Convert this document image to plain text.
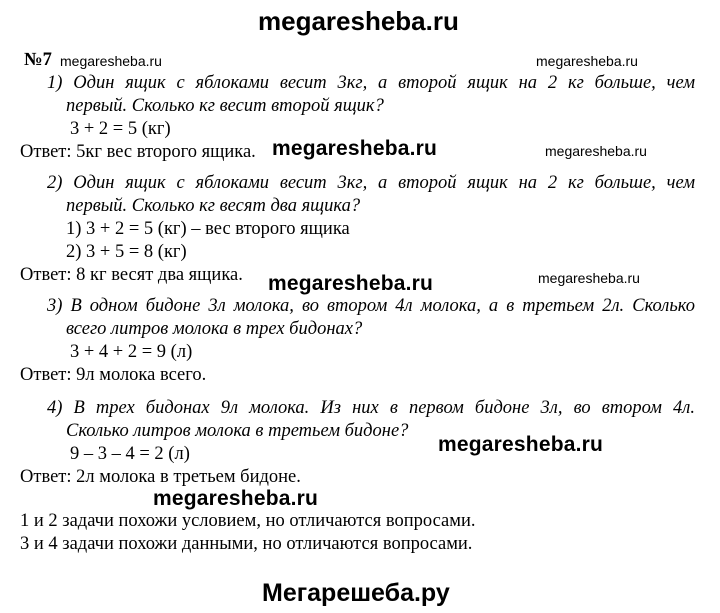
megaresheba.ru
№7 megaresheba.ru	megaresheba.ru
1) Один ящик с яблоками весит 3кг, а второй ящик на 2 кг больше, чем
первый. Сколько кг весит второй ящик?
3 + 2 = 5 (кг)
Ответ: 5кг вес второго ящика. megaresheba.ru	megaresheba.ru
2) Один ящик с яблоками весит 3кг, а второй ящик на 2 кг больше, чем
первый. Сколько кг весят два ящика?
1) 3 + 2 = 5 (кг) – вес второго ящика
2) 3 + 5 = 8 (кг)
Ответ: 8 кг весят два ящика. megaresheba.ru	megaresheba.ru
3) В одном бидоне 3л молока, во втором 4л молока, а в третьем 2л. Сколько
всего литров молока в трех бидонах?
3 + 4 + 2 = 9 (л)
Ответ: 9л молока всего.
4) В трех бидонах 9л молока. Из них в первом бидоне 3л, во втором 4л.
Сколько литров молока в третьем бидоне?
9 – 3 – 4 = 2 (л)	megaresheba.ru
Ответ: 2л молока в третьем бидоне.
megaresheba.ru
1 и 2 задачи похожи условием, но отличаются вопросами.
3 и 4 задачи похожи данными, но отличаются вопросами.
Мегарешеба.ру
